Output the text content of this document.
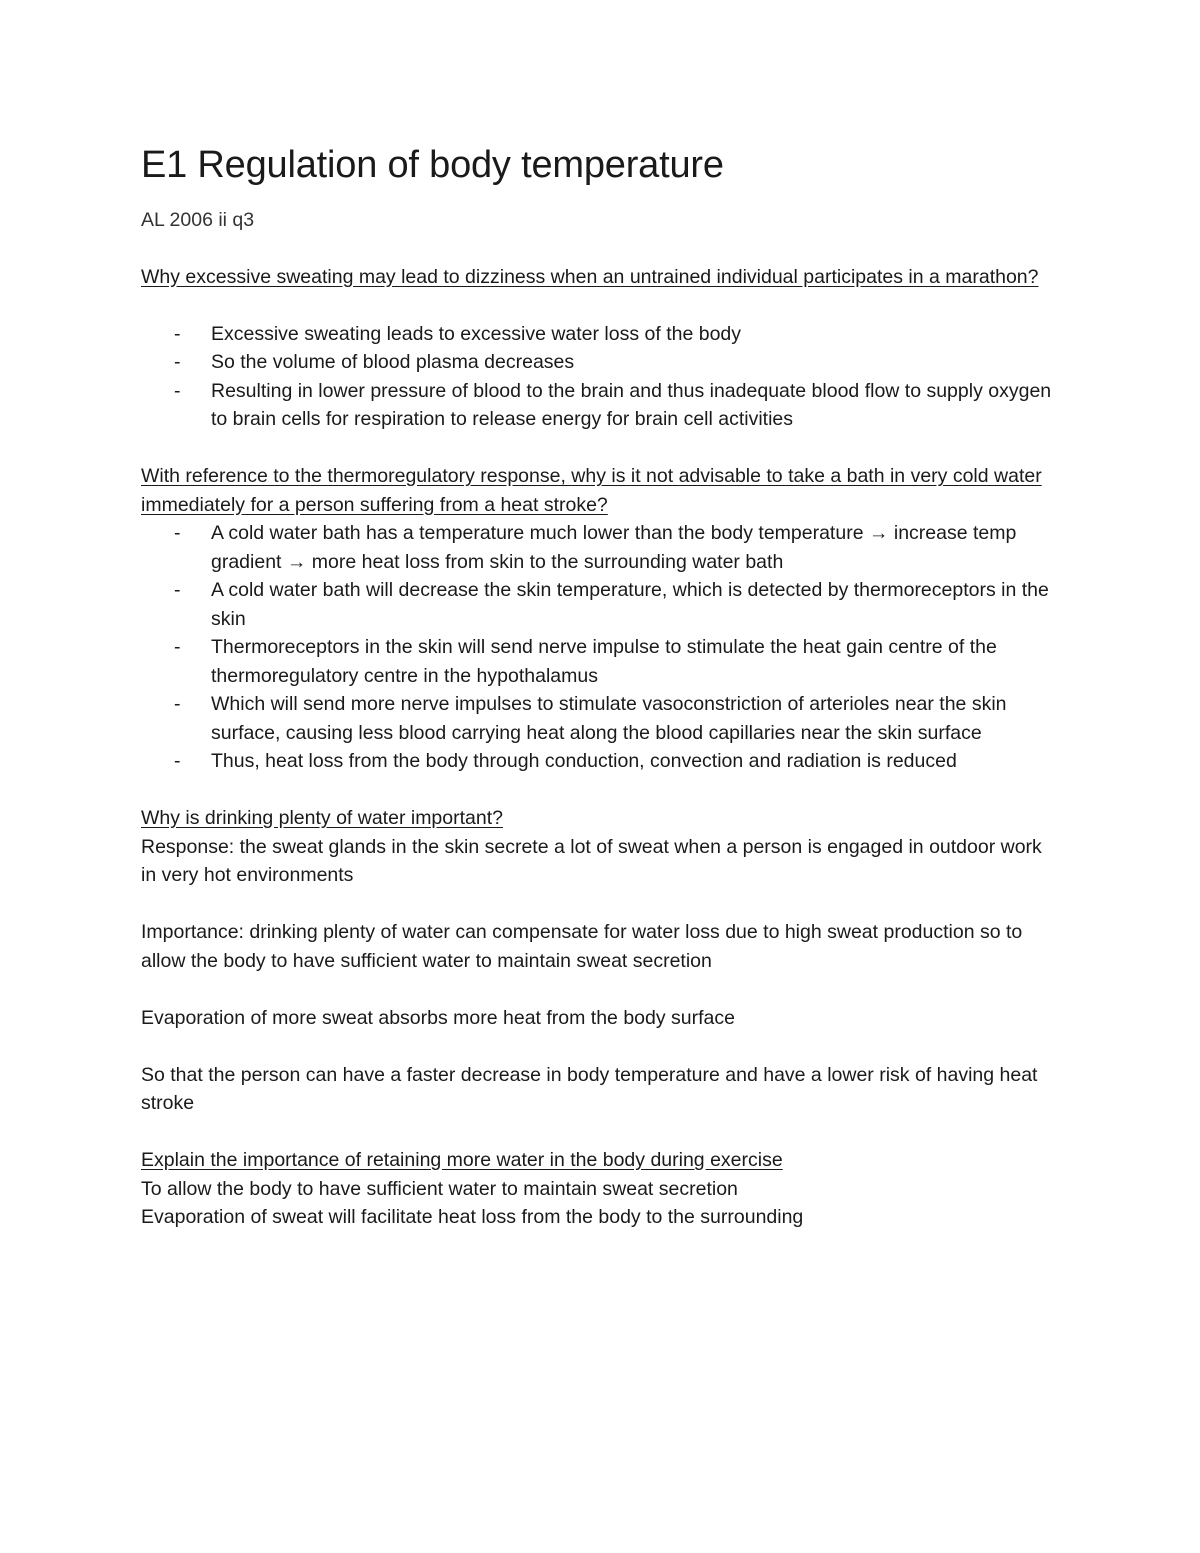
E1 Regulation of body temperature

AL 2006 ii q3

Why excessive sweating may lead to dizziness when an untrained individual participates in a marathon?

- Excessive sweating leads to excessive water loss of the body
- So the volume of blood plasma decreases
- Resulting in lower pressure of blood to the brain and thus inadequate blood flow to supply oxygen to brain cells for respiration to release energy for brain cell activities

With reference to the thermoregulatory response, why is it not advisable to take a bath in very cold water immediately for a person suffering from a heat stroke?

- A cold water bath has a temperature much lower than the body temperature → increase temp gradient → more heat loss from skin to the surrounding water bath
- A cold water bath will decrease the skin temperature, which is detected by thermoreceptors in the skin
- Thermoreceptors in the skin will send nerve impulse to stimulate the heat gain centre of the thermoregulatory centre in the hypothalamus
- Which will send more nerve impulses to stimulate vasoconstriction of arterioles near the skin surface, causing less blood carrying heat along the blood capillaries near the skin surface
- Thus, heat loss from the body through conduction, convection and radiation is reduced

Why is drinking plenty of water important?

Response: the sweat glands in the skin secrete a lot of sweat when a person is engaged in outdoor work in very hot environments

Importance: drinking plenty of water can compensate for water loss due to high sweat production so to allow the body to have sufficient water to maintain sweat secretion

Evaporation of more sweat absorbs more heat from the body surface

So that the person can have a faster decrease in body temperature and have a lower risk of having heat stroke

Explain the importance of retaining more water in the body during exercise

To allow the body to have sufficient water to maintain sweat secretion

Evaporation of sweat will facilitate heat loss from the body to the surrounding
